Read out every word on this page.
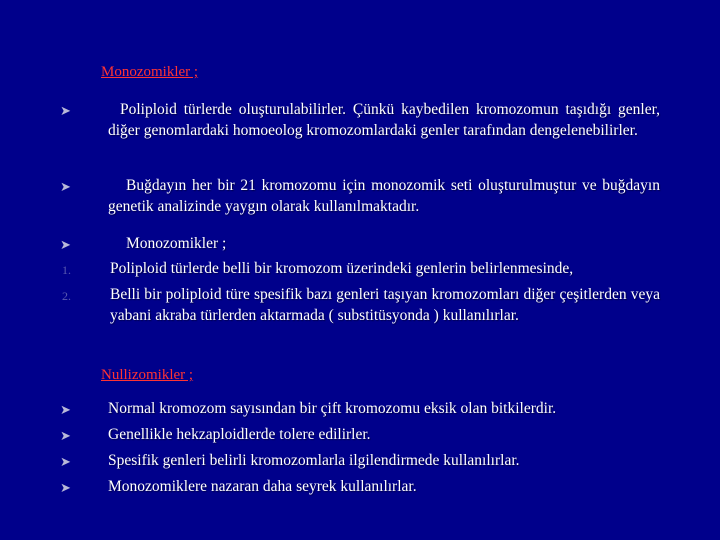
Monozomikler ;
➤	Poliploid türlerde oluşturulabilirler. Çünkü kaybedilen kromozomun taşıdığı genler, diğer genomlardaki homoeolog kromozomlardaki genler tarafından dengelenebilirler.
➤	Buğdayın her bir 21 kromozomu için monozomik seti oluşturulmuştur ve buğdayın genetik analizinde yaygın olarak kullanılmaktadır.
➤	Monozomikler ;
1.	Poliploid türlerde belli bir kromozom üzerindeki genlerin belirlenmesinde,
2.	Belli bir poliploid türe spesifik bazı genleri taşıyan kromozomları diğer çeşitlerden veya yabani akraba türlerden aktarmada ( substitüsyonda ) kullanılırlar.
Nullizomikler ;
➤	Normal kromozom sayısından bir çift kromozomu eksik olan bitkilerdir.
➤	Genellikle hekzaploidlerde tolere edilirler.
➤	Spesifik genleri belirli kromozomlarla ilgilendirmede kullanılırlar.
➤	Monozomiklere nazaran daha seyrek kullanılırlar.
